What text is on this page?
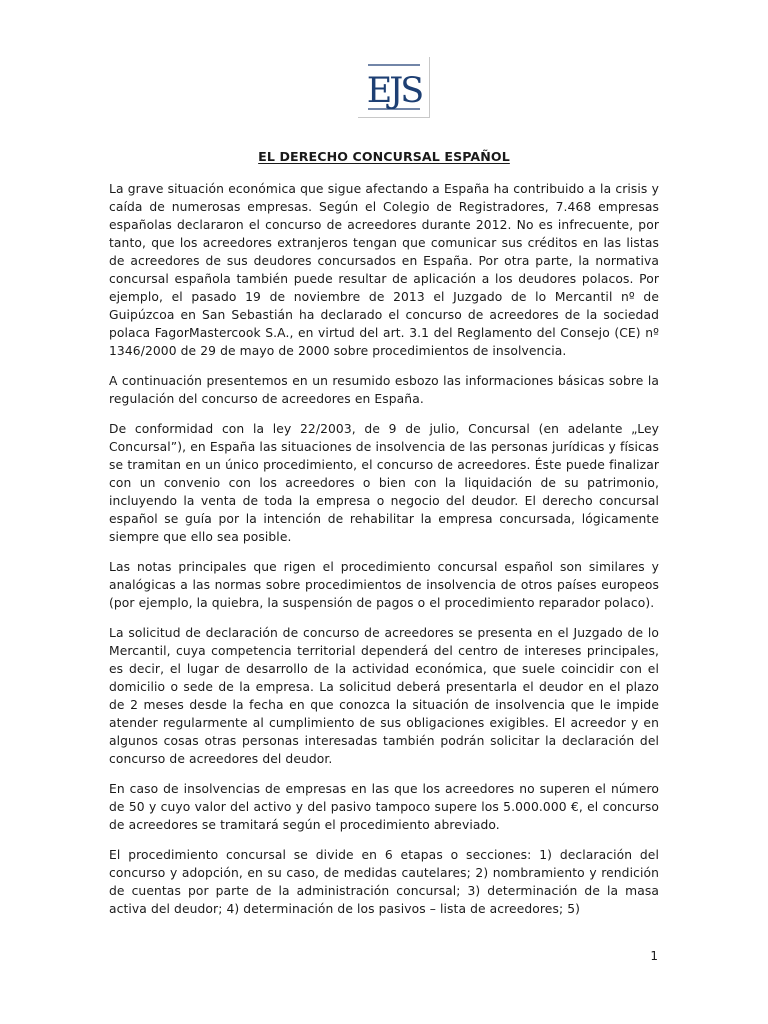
EJS
EL DERECHO CONCURSAL ESPAÑOL

La grave situación económica que sigue afectando a España ha contribuido a la crisis y caída de numerosas empresas. Según el Colegio de Registradores, 7.468 empresas españolas declararon el concurso de acreedores durante 2012. No es infrecuente, por tanto, que los acreedores extranjeros tengan que comunicar sus créditos en las listas de acreedores de sus deudores concursados en España. Por otra parte, la normativa concursal española también puede resultar de aplicación a los deudores polacos. Por ejemplo, el pasado 19 de noviembre de 2013 el Juzgado de lo Mercantil nº de Guipúzcoa en San Sebastián ha declarado el concurso de acreedores de la sociedad polaca FagorMastercook S.A., en virtud del art. 3.1 del Reglamento del Consejo (CE) nº 1346/2000 de 29 de mayo de 2000 sobre procedimientos de insolvencia.

A continuación presentemos en un resumido esbozo las informaciones básicas sobre la regulación del concurso de acreedores en España.

De conformidad con la ley 22/2003, de 9 de julio, Concursal (en adelante „Ley Concursal”), en España las situaciones de insolvencia de las personas jurídicas y físicas se tramitan en un único procedimiento, el concurso de acreedores. Éste puede finalizar con un convenio con los acreedores o bien con la liquidación de su patrimonio, incluyendo la venta de toda la empresa o negocio del deudor. El derecho concursal español se guía por la intención de rehabilitar la empresa concursada, lógicamente siempre que ello sea posible.

Las notas principales que rigen el procedimiento concursal español son similares y analógicas a las normas sobre procedimientos de insolvencia de otros países europeos (por ejemplo, la quiebra, la suspensión de pagos o el procedimiento reparador polaco).

La solicitud de declaración de concurso de acreedores se presenta en el Juzgado de lo Mercantil, cuya competencia territorial dependerá del centro de intereses principales, es decir, el lugar de desarrollo de la actividad económica, que suele coincidir con el domicilio o sede de la empresa. La solicitud deberá presentarla el deudor en el plazo de 2 meses desde la fecha en que conozca la situación de insolvencia que le impide atender regularmente al cumplimiento de sus obligaciones exigibles. El acreedor y en algunos cosas otras personas interesadas también podrán solicitar la declaración del concurso de acreedores del deudor.

En caso de insolvencias de empresas en las que los acreedores no superen el número de 50 y cuyo valor del activo y del pasivo tampoco supere los 5.000.000 €, el concurso de acreedores se tramitará según el procedimiento abreviado.

El procedimiento concursal se divide en 6 etapas o secciones: 1) declaración del concurso y adopción, en su caso, de medidas cautelares; 2) nombramiento y rendición de cuentas por parte de la administración concursal; 3) determinación de la masa activa del deudor; 4) determinación de los pasivos – lista de acreedores; 5)

1
